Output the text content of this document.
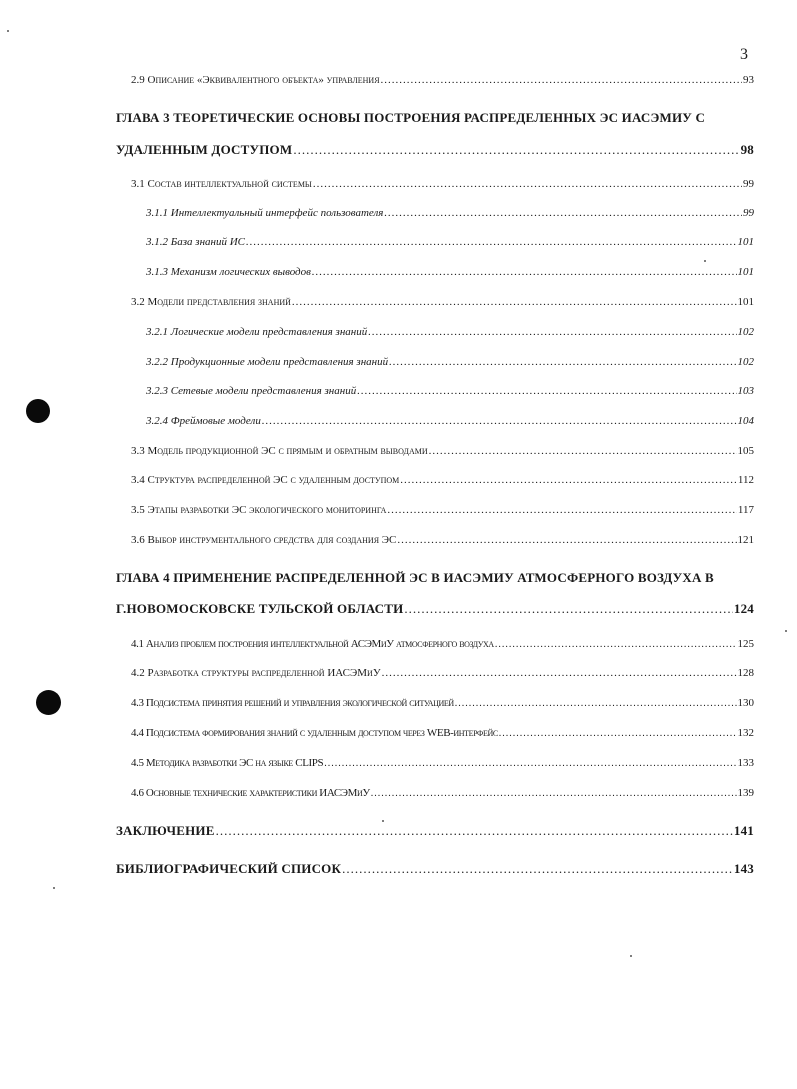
3
2.9 Описание «Эквивалентного объекта» управления .....	93
ГЛАВА 3 ТЕОРЕТИЧЕСКИЕ ОСНОВЫ ПОСТРОЕНИЯ РАСПРЕДЕЛЕННЫХ ЭС ИАСЭМИУ С
УДАЛЕННЫМ ДОСТУПОМ .....	98
3.1 Состав интеллектуальной системы .....	99
3.1.1 Интеллектуальный интерфейс пользователя .....	99
3.1.2 База знаний ИС .....	101
3.1.3 Механизм логических выводов .....	101
3.2 Модели представления знаний .....	101
3.2.1 Логические модели представления знаний .....	102
3.2.2 Продукционные модели представления знаний .....	102
3.2.3 Сетевые модели представления знаний .....	103
3.2.4 Фреймовые модели .....	104
3.3 Модель продукционной ЭС с прямым и обратным выводами .....	105
3.4 Структура распределенной ЭС с удаленным доступом .....	112
3.5 Этапы разработки ЭС экологического мониторинга .....	117
3.6 Выбор инструментального средства для создания ЭС .....	121
ГЛАВА 4 ПРИМЕНЕНИЕ РАСПРЕДЕЛЕННОЙ ЭС В ИАСЭМИУ АТМОСФЕРНОГО ВОЗДУХА В
Г.НОВОМОСКОВСКЕ ТУЛЬСКОЙ ОБЛАСТИ .....	124
4.1 Анализ проблем построения интеллектуальной АСЭМиУ атмосферного воздуха .....	125
4.2 Разработка структуры распределенной ИАСЭМиУ .....	128
4.3 Подсистема принятия решений и управления экологической ситуацией .....	130
4.4 Подсистема формирования знаний с удаленным доступом через WEB-интерфейс .....	132
4.5 Методика разработки ЭС на языке CLIPS .....	133
4.6 Основные технические характеристики ИАСЭМиУ .....	139
ЗАКЛЮЧЕНИЕ .....	141
БИБЛИОГРАФИЧЕСКИЙ СПИСОК .....	143
